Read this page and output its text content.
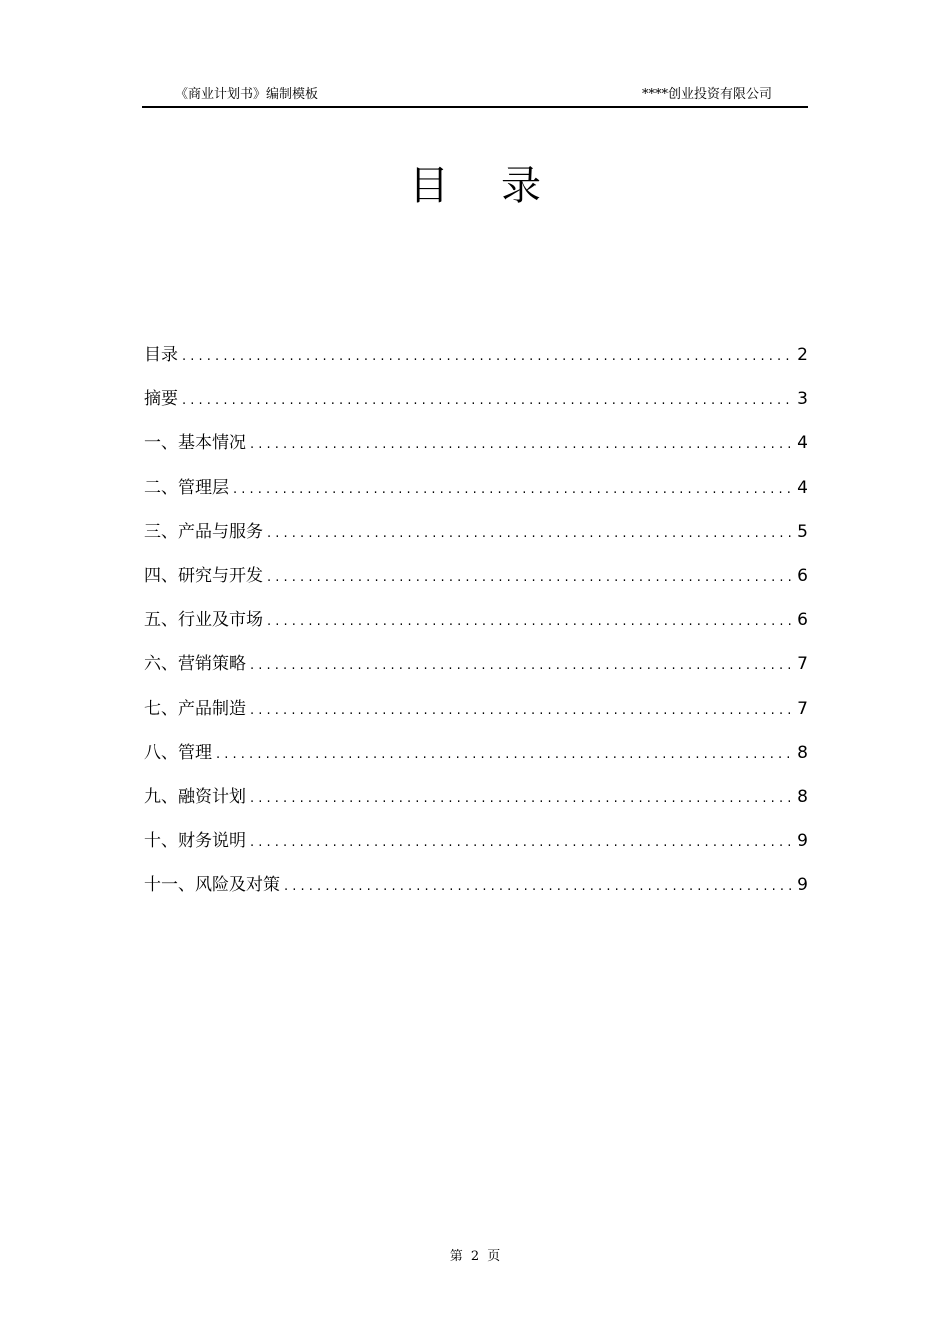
《商业计划书》编制模板	****创业投资有限公司
目录
目录 . . .	2
摘要 . . .	3
一、基本情况 . . .	4
二、管理层 . . .	4
三、产品与服务 . . .	5
四、研究与开发 . . .	6
五、行业及市场 . . .	6
六、营销策略 . . .	7
七、产品制造 . . .	7
八、管理 . . .	8
九、融资计划 . . .	8
十、财务说明 . . .	9
十一、风险及对策 . . .	9
第 2 页
